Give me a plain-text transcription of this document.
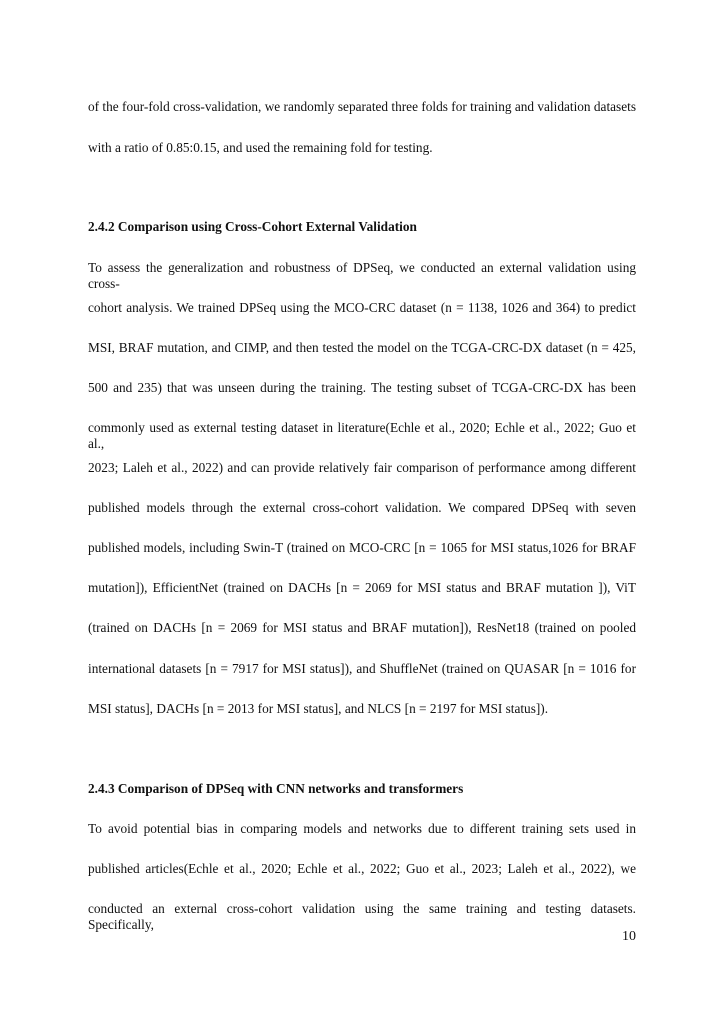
of the four-fold cross-validation, we randomly separated three folds for training and validation datasets
with a ratio of 0.85:0.15, and used the remaining fold for testing.
2.4.2 Comparison using Cross-Cohort External Validation
To assess the generalization and robustness of DPSeq, we conducted an external validation using cross-
cohort analysis. We trained DPSeq using the MCO-CRC dataset (n = 1138, 1026 and 364) to predict
MSI, BRAF mutation, and CIMP, and then tested the model on the TCGA-CRC-DX dataset (n = 425,
500 and 235) that was unseen during the training. The testing subset of TCGA-CRC-DX has been
commonly used as external testing dataset in literature(Echle et al., 2020; Echle et al., 2022; Guo et al.,
2023; Laleh et al., 2022) and can provide relatively fair comparison of performance among different
published models through the external cross-cohort validation. We compared DPSeq with seven
published models, including Swin-T (trained on MCO-CRC [n = 1065 for MSI status,1026 for BRAF
mutation]), EfficientNet (trained on DACHs [n = 2069 for MSI status and BRAF mutation ]), ViT
(trained on DACHs [n = 2069 for MSI status and BRAF mutation]), ResNet18 (trained on pooled
international datasets [n = 7917 for MSI status]), and ShuffleNet (trained on QUASAR [n = 1016 for
MSI status], DACHs [n = 2013 for MSI status], and NLCS [n = 2197 for MSI status]).
2.4.3 Comparison of DPSeq with CNN networks and transformers
To avoid potential bias in comparing models and networks due to different training sets used in
published articles(Echle et al., 2020; Echle et al., 2022; Guo et al., 2023; Laleh et al., 2022), we
conducted an external cross-cohort validation using the same training and testing datasets. Specifically,
10
